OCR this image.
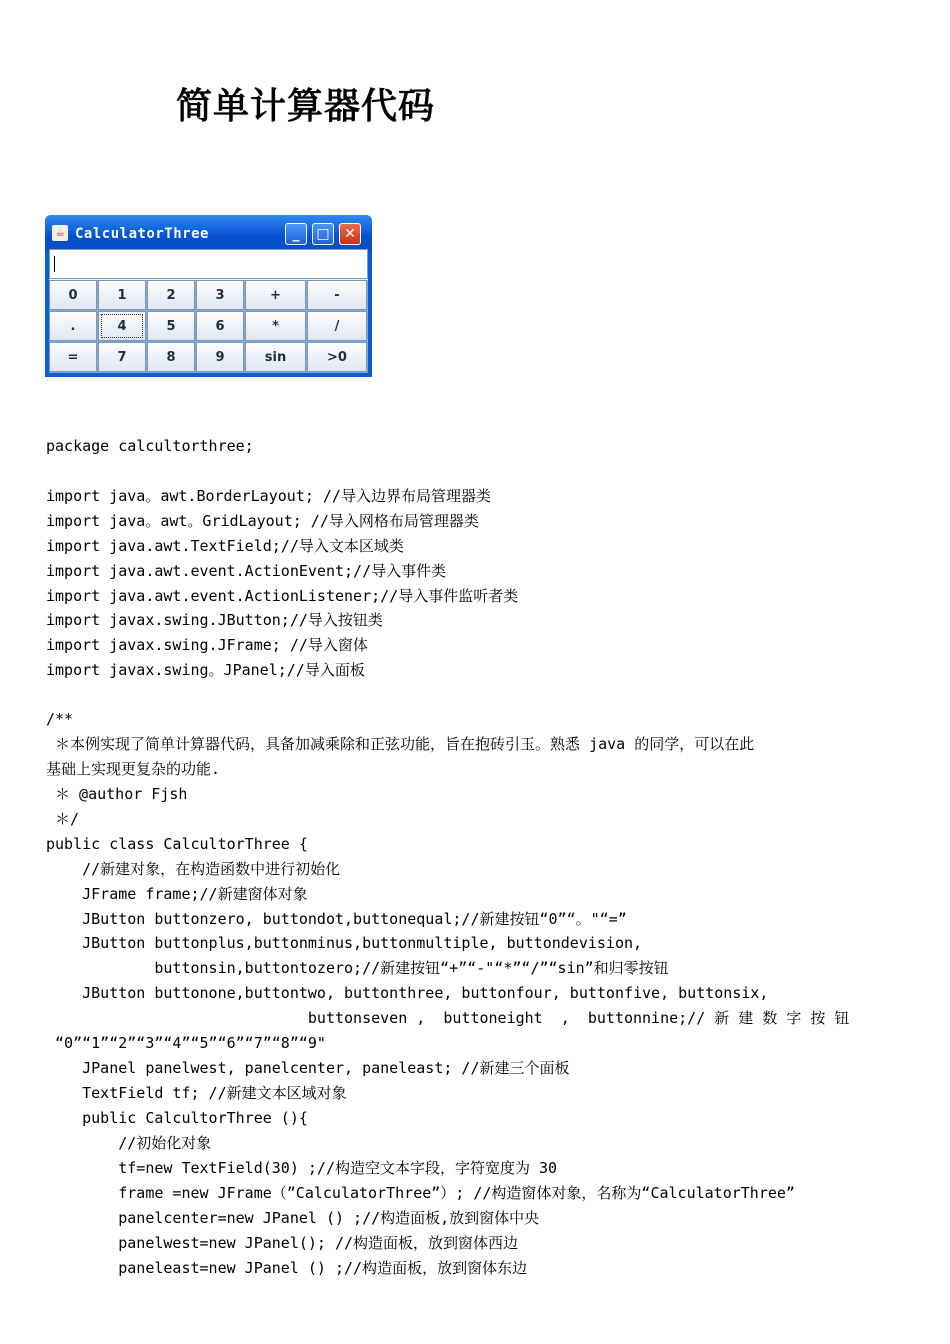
简单计算器代码
☕ CalculatorThree	_	□	✕
0	1	2	3	+	-
.	4	5	6	*	/
=	7	8	9	sin	>0
package calcultorthree;
import java。awt.BorderLayout; //导入边界布局管理器类
import java。awt。GridLayout; //导入网格布局管理器类
import java.awt.TextField;//导入文本区域类
import java.awt.event.ActionEvent;//导入事件类
import java.awt.event.ActionListener;//导入事件监听者类
import javax.swing.JButton;//导入按钮类
import javax.swing.JFrame; //导入窗体
import javax.swing。JPanel;//导入面板
/**
＊本例实现了简单计算器代码，具备加减乘除和正弦功能，旨在抱砖引玉。熟悉 java 的同学，可以在此
基础上实现更复杂的功能.
＊ @author Fjsh
＊/
public class CalcultorThree {
//新建对象，在构造函数中进行初始化
JFrame frame;//新建窗体对象
JButton buttonzero, buttondot,buttonequal;//新建按钮“0”“。"“=”
JButton buttonplus,buttonminus,buttonmultiple, buttondevision,
buttonsin,buttontozero;//新建按钮“+”“-"“*”“/”“sin”和归零按钮
JButton buttonone,buttontwo, buttonthree, buttonfour, buttonfive, buttonsix,
buttonseven ,  buttoneight  ,  buttonnine;// 新 建 数 字 按 钮
“0”“1”“2”“3”“4”“5”“6”“7”“8”“9"
JPanel panelwest, panelcenter, paneleast; //新建三个面板
TextField tf; //新建文本区域对象
public CalcultorThree (){
//初始化对象
tf=new TextField(30) ;//构造空文本字段，字符宽度为 30
frame =new JFrame（”CalculatorThree”）; //构造窗体对象，名称为“CalculatorThree”
panelcenter=new JPanel () ;//构造面板,放到窗体中央
panelwest=new JPanel(); //构造面板，放到窗体西边
paneleast=new JPanel () ;//构造面板，放到窗体东边
